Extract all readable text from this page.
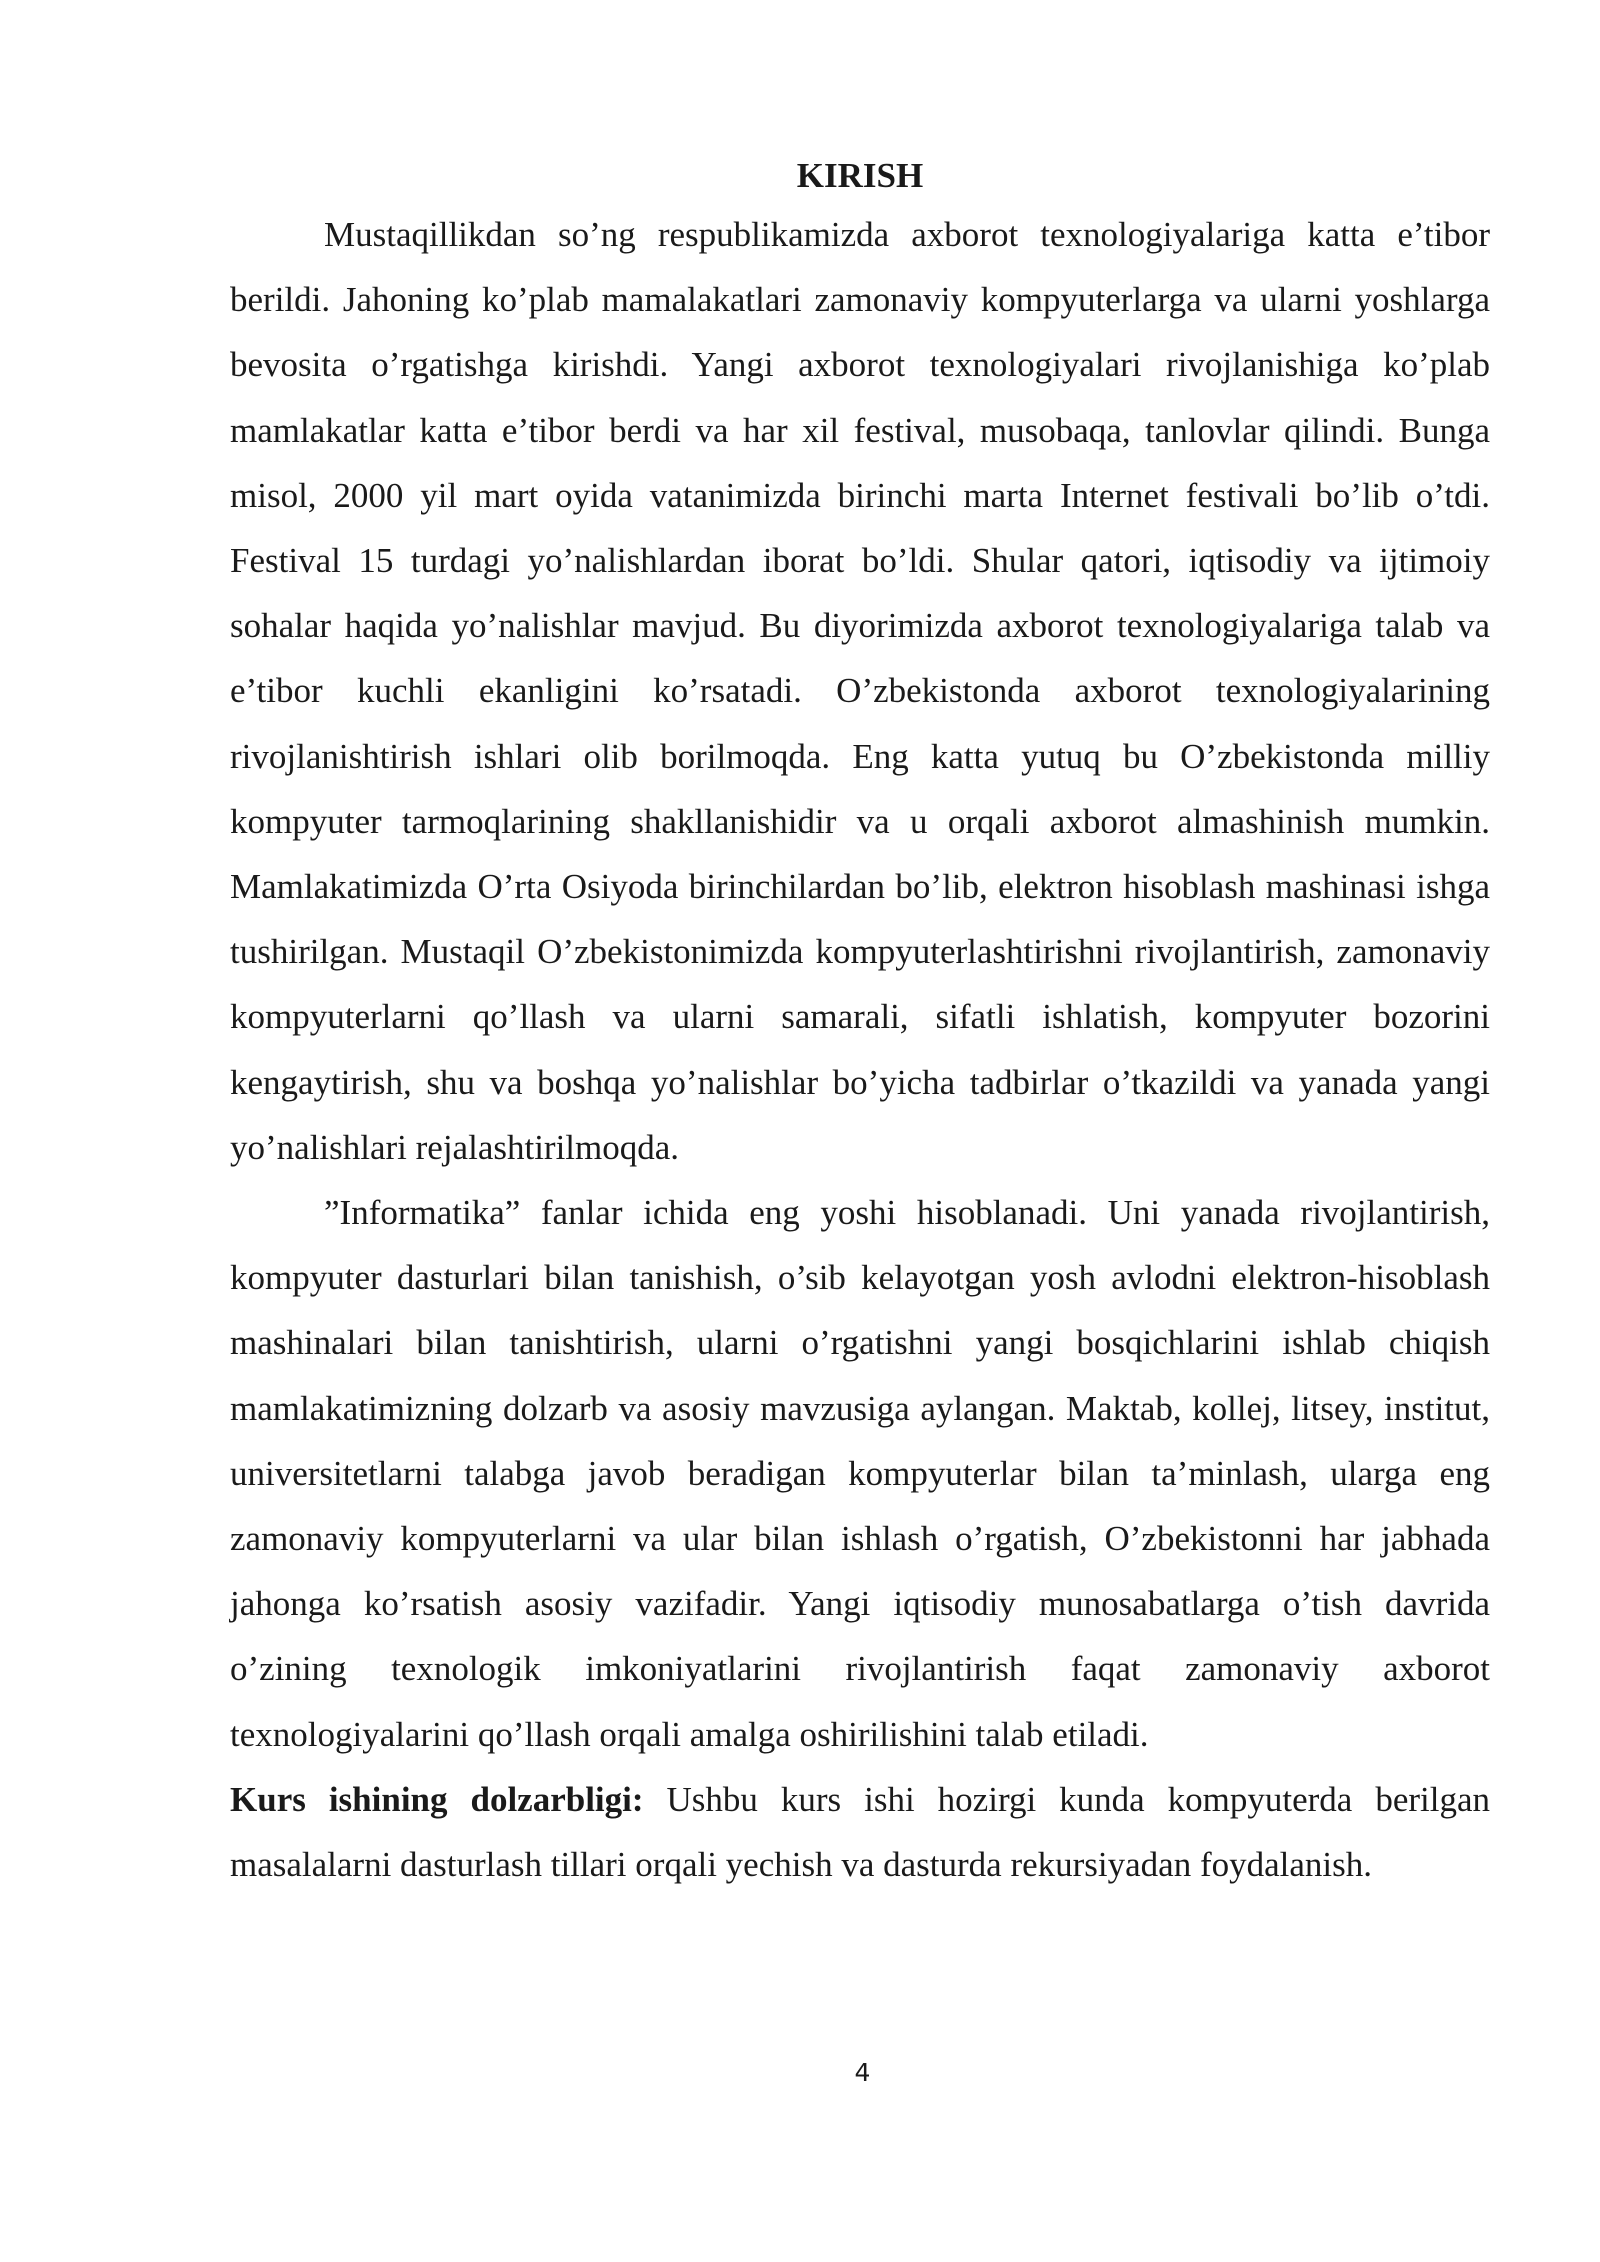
KIRISH

Mustaqillikdan so’ng respublikamizda axborot texnologiyalariga katta e’tibor berildi. Jahoning ko’plab mamalakatlari zamonaviy kompyuterlarga va ularni yoshlarga bevosita o’rgatishga kirishdi. Yangi axborot texnologiyalari rivojlanishiga ko’plab mamlakatlar katta e’tibor berdi va har xil festival, musobaqa, tanlovlar qilindi. Bunga misol, 2000 yil mart oyida vatanimizda birinchi marta Internet festivali bo’lib o’tdi. Festival 15 turdagi yo’nalishlardan iborat bo’ldi. Shular qatori, iqtisodiy va ijtimoiy sohalar haqida yo’nalishlar mavjud. Bu diyorimizda axborot texnologiyalariga talab va e’tibor kuchli ekanligini ko’rsatadi. O’zbekistonda axborot texnologiyalarining rivojlanishtirish ishlari olib borilmoqda. Eng katta yutuq bu O’zbekistonda milliy kompyuter tarmoqlarining shakllanishidir va u orqali axborot almashinish mumkin. Mamlakatimizda O’rta Osiyoda birinchilardan bo’lib, elektron hisoblash mashinasi ishga tushirilgan. Mustaqil O’zbekistonimizda kompyuterlashtirishni rivojlantirish, zamonaviy kompyuterlarni qo’llash va ularni samarali, sifatli ishlatish, kompyuter bozorini kengaytirish, shu va boshqa yo’nalishlar bo’yicha tadbirlar o’tkazildi va yanada yangi yo’nalishlari rejalashtirilmoqda.

”Informatika” fanlar ichida eng yoshi hisoblanadi. Uni yanada rivojlantirish, kompyuter dasturlari bilan tanishish, o’sib kelayotgan yosh avlodni elektron-hisoblash mashinalari bilan tanishtirish, ularni o’rgatishni yangi bosqichlarini ishlab chiqish mamlakatimizning dolzarb va asosiy mavzusiga aylangan. Maktab, kollej, litsey, institut, universitetlarni talabga javob beradigan kompyuterlar bilan ta’minlash, ularga eng zamonaviy kompyuterlarni va ular bilan ishlash o’rgatish, O’zbekistonni har jabhada jahonga ko’rsatish asosiy vazifadir. Yangi iqtisodiy munosabatlarga o’tish davrida o’zining texnologik imkoniyatlarini rivojlantirish faqat zamonaviy axborot texnologiyalarini qo’llash orqali amalga oshirilishini talab etiladi.

Kurs ishining dolzarbligi: Ushbu kurs ishi hozirgi kunda kompyuterda berilgan masalalarni dasturlash tillari orqali yechish va dasturda rekursiyadan foydalanish.

4
